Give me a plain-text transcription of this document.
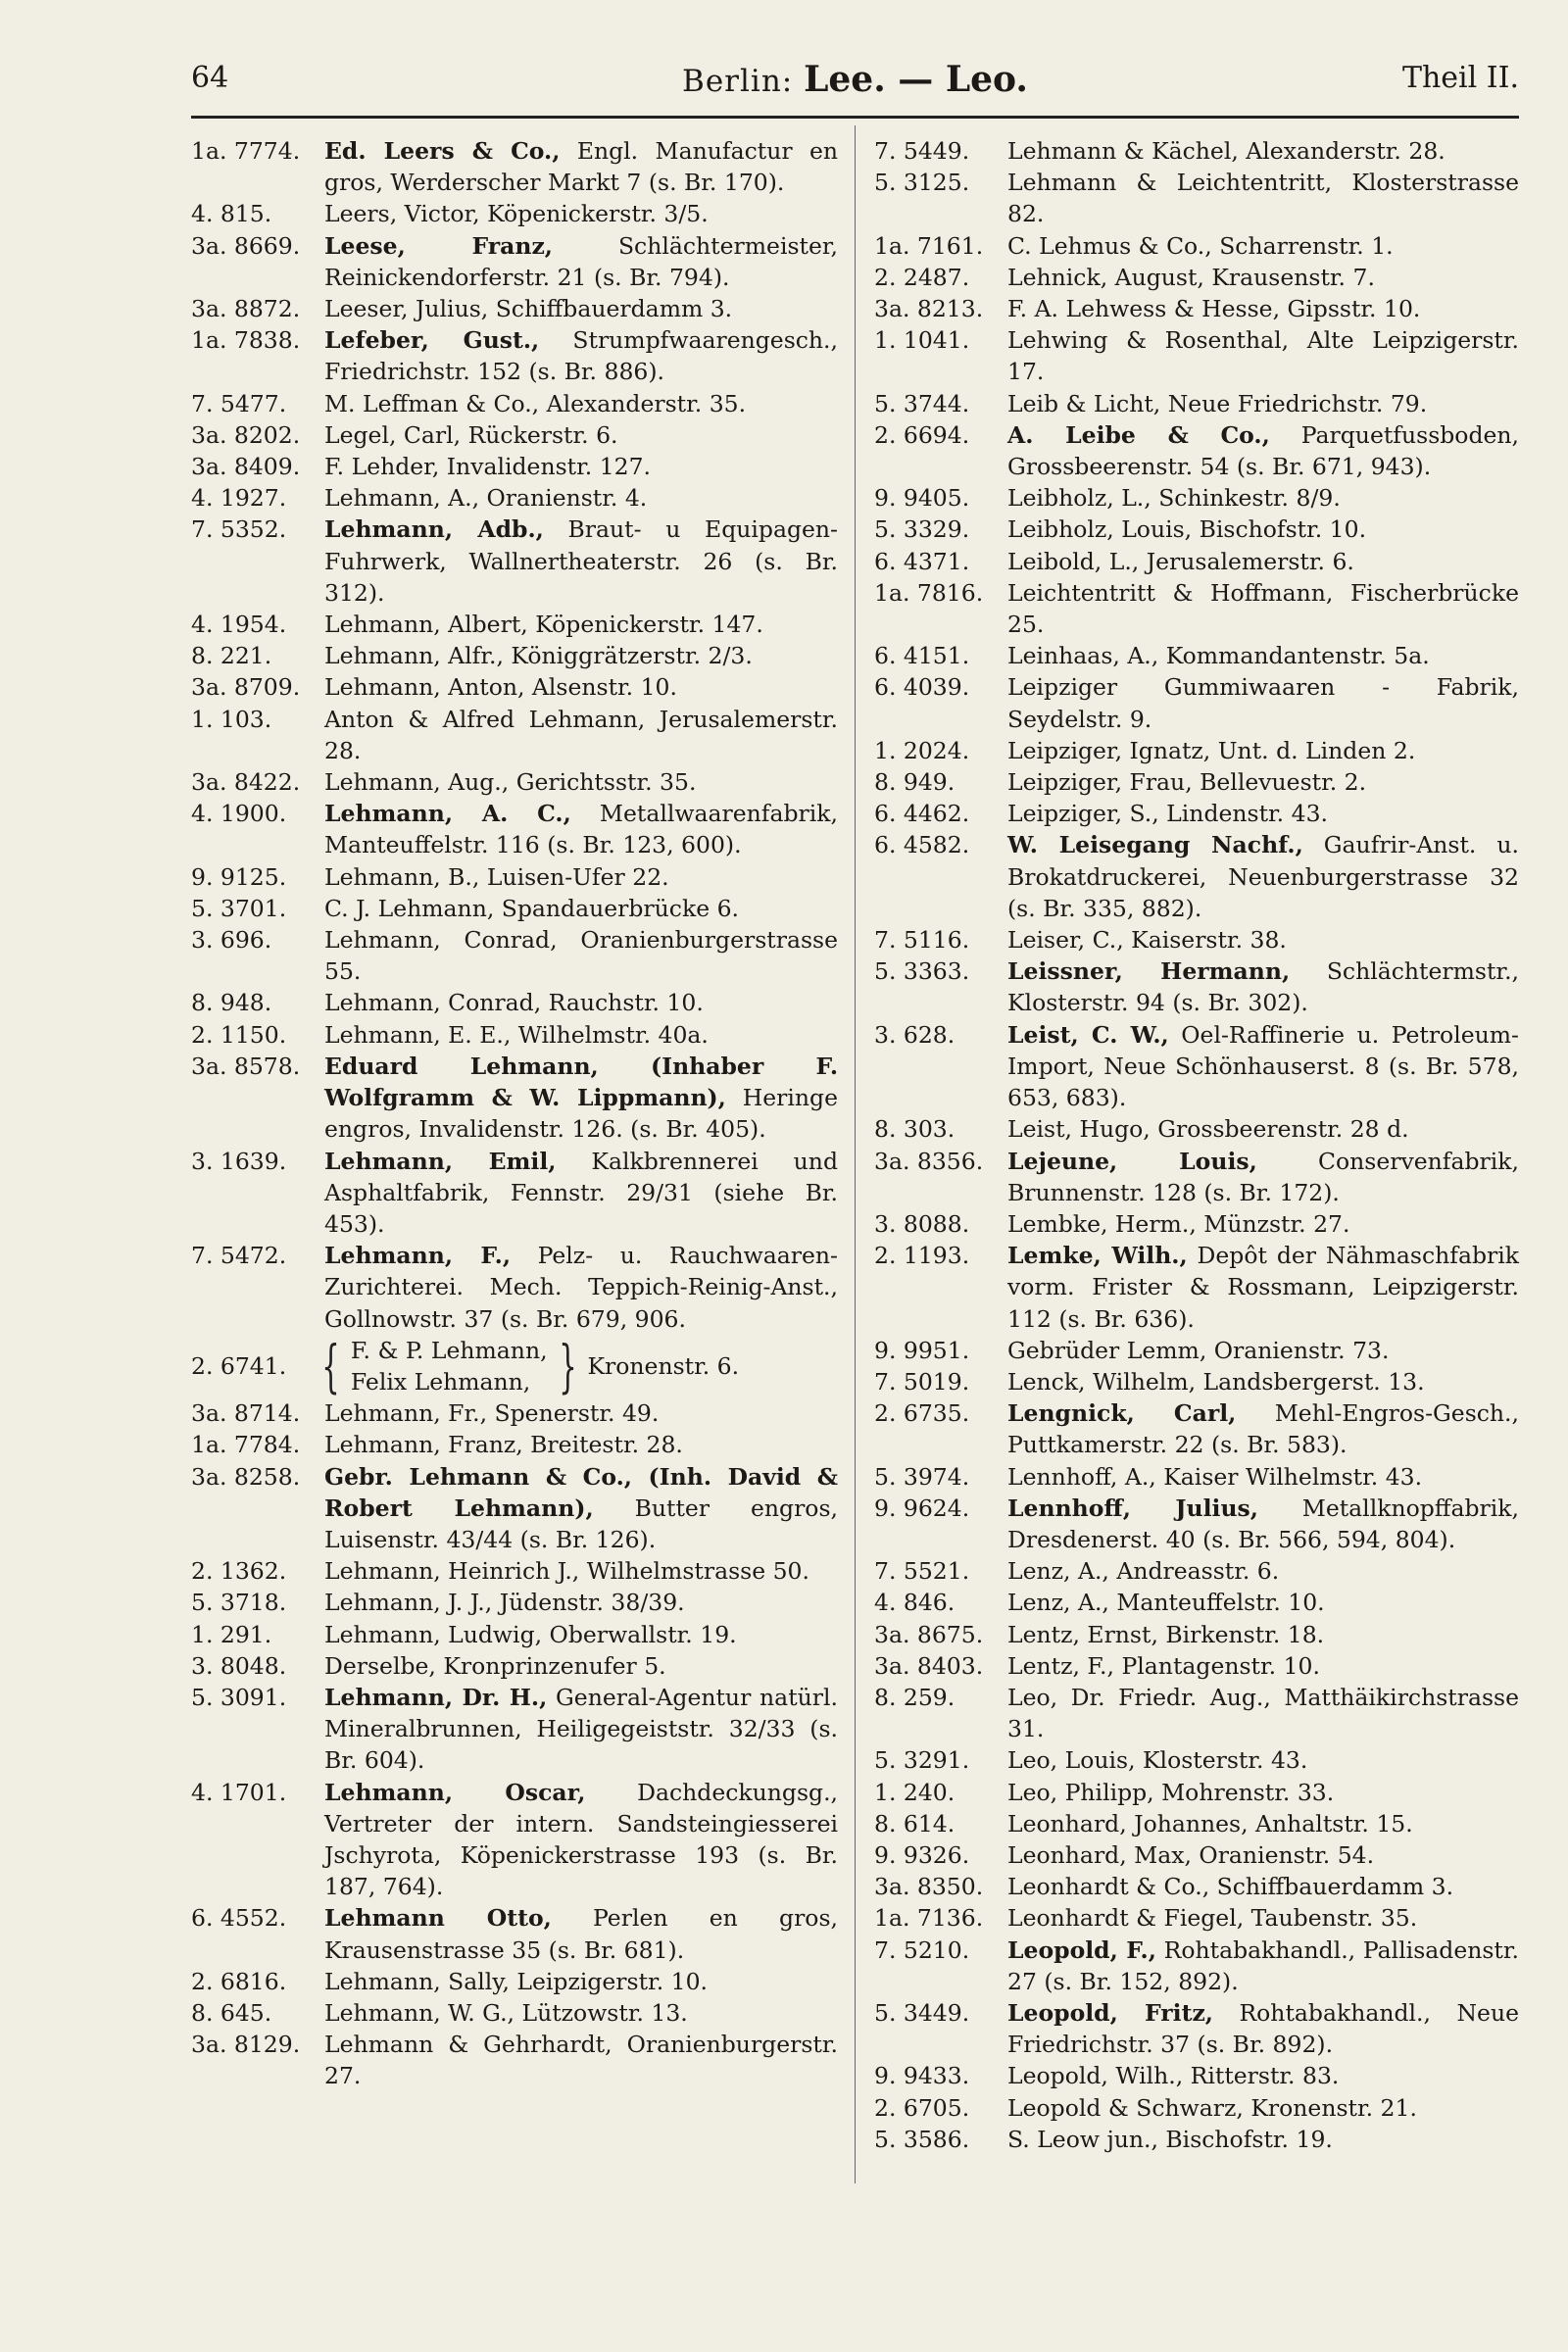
64	Berlin: Lee. — Leo.	Theil II.
1a. 7774.	Ed. Leers & Co., Engl. Manufactur en gros, Werderscher Markt 7 (s. Br. 170).
4. 815.	Leers, Victor, Köpenickerstr. 3/5.
3a. 8669.	Leese, Franz, Schlächtermeister, Reinickendorferstr. 21 (s. Br. 794).
3a. 8872.	Leeser, Julius, Schiffbauerdamm 3.
1a. 7838.	Lefeber, Gust., Strumpfwaarengesch., Friedrichstr. 152 (s. Br. 886).
7. 5477.	M. Leffman & Co., Alexanderstr. 35.
3a. 8202.	Legel, Carl, Rückerstr. 6.
3a. 8409.	F. Lehder, Invalidenstr. 127.
4. 1927.	Lehmann, A., Oranienstr. 4.
7. 5352.	Lehmann, Adb., Braut- u Equipagen-Fuhrwerk, Wallnertheaterstr. 26 (s. Br. 312).
4. 1954.	Lehmann, Albert, Köpenickerstr. 147.
8. 221.	Lehmann, Alfr., Königgrätzerstr. 2/3.
3a. 8709.	Lehmann, Anton, Alsenstr. 10.
1. 103.	Anton & Alfred Lehmann, Jerusalemerstr. 28.
3a. 8422.	Lehmann, Aug., Gerichtsstr. 35.
4. 1900.	Lehmann, A. C., Metallwaarenfabrik, Manteuffelstr. 116 (s. Br. 123, 600).
9. 9125.	Lehmann, B., Luisen-Ufer 22.
5. 3701.	C. J. Lehmann, Spandauerbrücke 6.
3. 696.	Lehmann, Conrad, Oranienburgerstrasse 55.
8. 948.	Lehmann, Conrad, Rauchstr. 10.
2. 1150.	Lehmann, E. E., Wilhelmstr. 40a.
3a. 8578.	Eduard Lehmann, (Inhaber F. Wolfgramm & W. Lippmann), Heringe engros, Invalidenstr. 126. (s. Br. 405).
3. 1639.	Lehmann, Emil, Kalkbrennerei und Asphaltfabrik, Fennstr. 29/31 (siehe Br. 453).
7. 5472.	Lehmann, F., Pelz- u. Rauchwaaren-Zurichterei. Mech. Teppich-Reinig-Anst., Gollnowstr. 37 (s. Br. 679, 906.
2. 6741. { F. & P. Lehmann,
Felix Lehmann, } Kronenstr. 6.
3a. 8714.	Lehmann, Fr., Spenerstr. 49.
1a. 7784.	Lehmann, Franz, Breitestr. 28.
3a. 8258.	Gebr. Lehmann & Co., (Inh. David & Robert Lehmann), Butter engros, Luisenstr. 43/44 (s. Br. 126).
2. 1362.	Lehmann, Heinrich J., Wilhelmstrasse 50.
5. 3718.	Lehmann, J. J., Jüdenstr. 38/39.
1. 291.	Lehmann, Ludwig, Oberwallstr. 19.
3. 8048.	Derselbe, Kronprinzenufer 5.
5. 3091.	Lehmann, Dr. H., General-Agentur natürl. Mineralbrunnen, Heiligegeiststr. 32/33 (s. Br. 604).
4. 1701.	Lehmann, Oscar, Dachdeckungsg., Vertreter der intern. Sandsteingiesserei Jschyrota, Köpenickerstrasse 193 (s. Br. 187, 764).
6. 4552.	Lehmann Otto, Perlen en gros, Krausenstrasse 35 (s. Br. 681).
2. 6816.	Lehmann, Sally, Leipzigerstr. 10.
8. 645.	Lehmann, W. G., Lützowstr. 13.
3a. 8129.	Lehmann & Gehrhardt, Oranienburgerstr. 27.
7. 5449.	Lehmann & Kächel, Alexanderstr. 28.
5. 3125.	Lehmann & Leichtentritt, Klosterstrasse 82.
1a. 7161.	C. Lehmus & Co., Scharrenstr. 1.
2. 2487.	Lehnick, August, Krausenstr. 7.
3a. 8213.	F. A. Lehwess & Hesse, Gipsstr. 10.
1. 1041.	Lehwing & Rosenthal, Alte Leipzigerstr. 17.
5. 3744.	Leib & Licht, Neue Friedrichstr. 79.
2. 6694.	A. Leibe & Co., Parquetfussboden, Grossbeerenstr. 54 (s. Br. 671, 943).
9. 9405.	Leibholz, L., Schinkestr. 8/9.
5. 3329.	Leibholz, Louis, Bischofstr. 10.
6. 4371.	Leibold, L., Jerusalemerstr. 6.
1a. 7816.	Leichtentritt & Hoffmann, Fischerbrücke 25.
6. 4151.	Leinhaas, A., Kommandantenstr. 5a.
6. 4039.	Leipziger Gummiwaaren - Fabrik, Seydelstr. 9.
1. 2024.	Leipziger, Ignatz, Unt. d. Linden 2.
8. 949.	Leipziger, Frau, Bellevuestr. 2.
6. 4462.	Leipziger, S., Lindenstr. 43.
6. 4582.	W. Leisegang Nachf., Gaufrir-Anst. u. Brokatdruckerei, Neuenburgerstrasse 32 (s. Br. 335, 882).
7. 5116.	Leiser, C., Kaiserstr. 38.
5. 3363.	Leissner, Hermann, Schlächtermstr., Klosterstr. 94 (s. Br. 302).
3. 628.	Leist, C. W., Oel-Raffinerie u. Petroleum-Import, Neue Schönhauserst. 8 (s. Br. 578, 653, 683).
8. 303.	Leist, Hugo, Grossbeerenstr. 28 d.
3a. 8356.	Lejeune, Louis, Conservenfabrik, Brunnenstr. 128 (s. Br. 172).
3. 8088.	Lembke, Herm., Münzstr. 27.
2. 1193.	Lemke, Wilh., Depôt der Nähmaschfabrik vorm. Frister & Rossmann, Leipzigerstr. 112 (s. Br. 636).
9. 9951.	Gebrüder Lemm, Oranienstr. 73.
7. 5019.	Lenck, Wilhelm, Landsbergerst. 13.
2. 6735.	Lengnick, Carl, Mehl-Engros-Gesch., Puttkamerstr. 22 (s. Br. 583).
5. 3974.	Lennhoff, A., Kaiser Wilhelmstr. 43.
9. 9624.	Lennhoff, Julius, Metallknopffabrik, Dresdenerst. 40 (s. Br. 566, 594, 804).
7. 5521.	Lenz, A., Andreasstr. 6.
4. 846.	Lenz, A., Manteuffelstr. 10.
3a. 8675.	Lentz, Ernst, Birkenstr. 18.
3a. 8403.	Lentz, F., Plantagenstr. 10.
8. 259.	Leo, Dr. Friedr. Aug., Matthäikirchstrasse 31.
5. 3291.	Leo, Louis, Klosterstr. 43.
1. 240.	Leo, Philipp, Mohrenstr. 33.
8. 614.	Leonhard, Johannes, Anhaltstr. 15.
9. 9326.	Leonhard, Max, Oranienstr. 54.
3a. 8350.	Leonhardt & Co., Schiffbauerdamm 3.
1a. 7136.	Leonhardt & Fiegel, Taubenstr. 35.
7. 5210.	Leopold, F., Rohtabakhandl., Pallisadenstr. 27 (s. Br. 152, 892).
5. 3449.	Leopold, Fritz, Rohtabakhandl., Neue Friedrichstr. 37 (s. Br. 892).
9. 9433.	Leopold, Wilh., Ritterstr. 83.
2. 6705.	Leopold & Schwarz, Kronenstr. 21.
5. 3586.	S. Leow jun., Bischofstr. 19.
